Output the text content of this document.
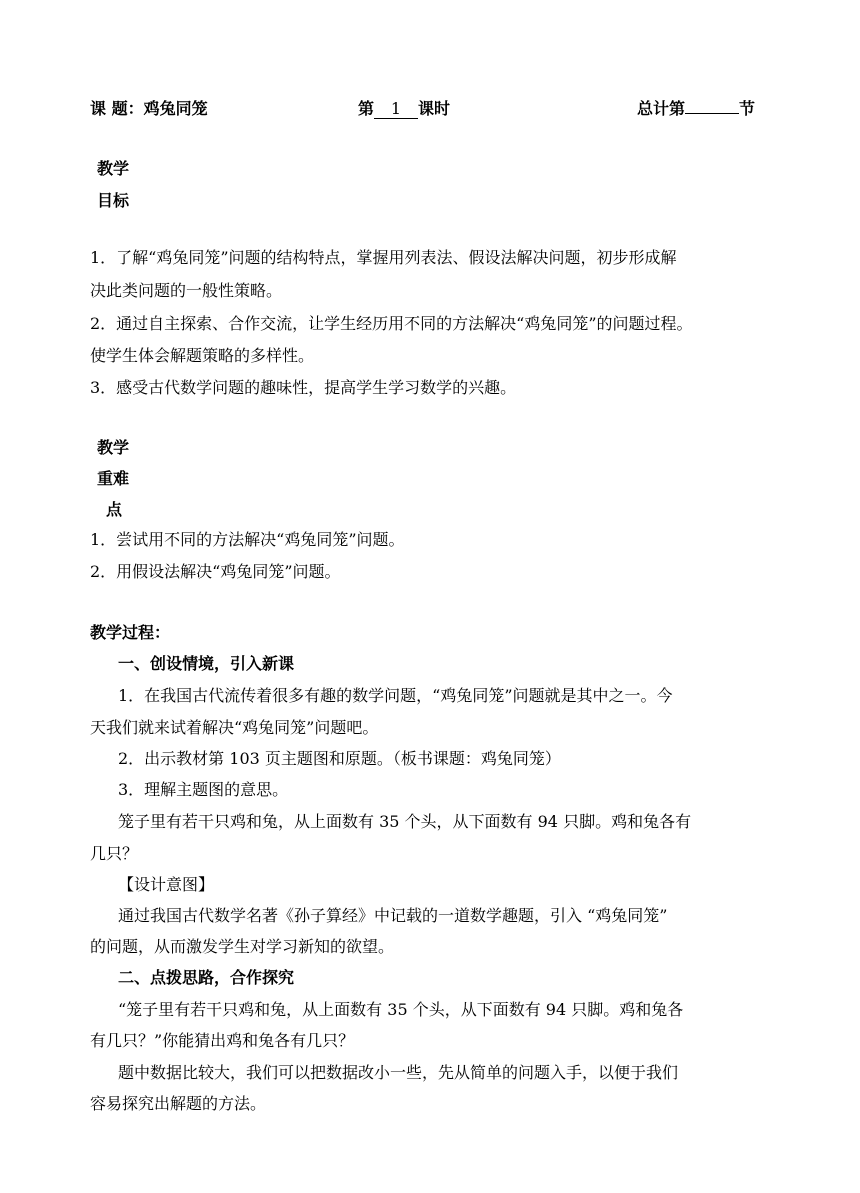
课 题：鸡兔同笼	第 1 课时	总计第	节
教学
目标
1．了解“鸡兔同笼”问题的结构特点，掌握用列表法、假设法解决问题，初步形成解
决此类问题的一般性策略。
2．通过自主探索、合作交流，让学生经历用不同的方法解决“鸡兔同笼”的问题过程。
使学生体会解题策略的多样性。
3．感受古代数学问题的趣味性，提高学生学习数学的兴趣。
教学
重难
点
1．尝试用不同的方法解决“鸡兔同笼”问题。
2．用假设法解决“鸡兔同笼”问题。
教学过程：
一、创设情境，引入新课
1．在我国古代流传着很多有趣的数学问题，“鸡兔同笼”问题就是其中之一。今
天我们就来试着解决“鸡兔同笼”问题吧。
2．出示教材第 103 页主题图和原题。（板书课题：鸡兔同笼）
3．理解主题图的意思。
笼子里有若干只鸡和兔，从上面数有 35 个头，从下面数有 94 只脚。鸡和兔各有
几只？
【设计意图】
通过我国古代数学名著《孙子算经》中记载的一道数学趣题，引入 “鸡兔同笼”
的问题，从而激发学生对学习新知的欲望。
二、点拨思路，合作探究
“笼子里有若干只鸡和兔，从上面数有 35 个头，从下面数有 94 只脚。鸡和兔各
有几只？”你能猜出鸡和兔各有几只？
题中数据比较大，我们可以把数据改小一些，先从简单的问题入手，以便于我们
容易探究出解题的方法。
